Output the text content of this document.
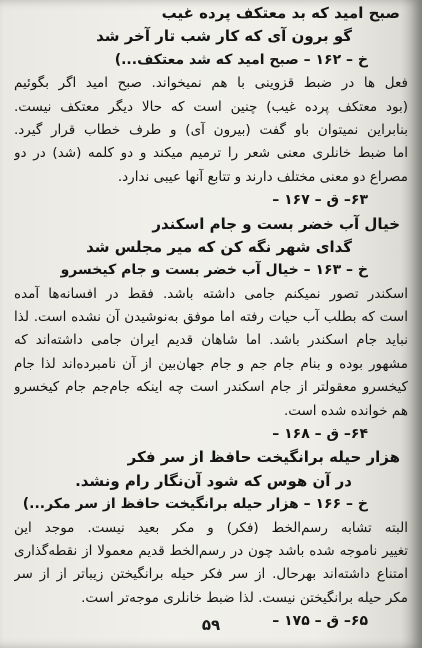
صبح امید که بد معتکف پرده غیب
گو برون آی که کار شب تار آخر شد
خ – ۱۶۲ – صبح امید که شد معتکف...)
فعل ها در ضبط قزوینی با هم نمیخواند. صبح امید اگر بگوئیم
(بود معتکف پرده غیب) چنین است که حالا دیگر معتکف نیست.
بنابراین نمیتوان باو گفت (بیرون آی) و طرف خطاب قرار گیرد.
اما ضبط خانلری معنی شعر را ترمیم میکند و دو کلمه (شد) در دو
مصراع دو معنی مختلف دارند و تتابع آنها عیبی ندارد.
۶۳– ق – ۱۶۷ –
خیال آب خضر بست و جام اسکندر
گدای شهر نگه کن که میر مجلس شد
خ – ۱۶۳ – خیال آب خضر بست و جام کیخسرو
اسکندر تصور نمیکنم جامی داشته باشد. فقط در افسانه‌ها آمده
است که بطلب آب حیات رفته اما موفق به‌نوشیدن آن نشده است. لذا
نباید جام اسکندر باشد. اما شاهان قدیم ایران جامی داشته‌اند که
مشهور بوده و بنام جام جم و جام جهان‌بین از آن نامبرده‌اند لذا جام
کیخسرو معقولتر از جام اسکندر است چه اینکه جام‌جم جام کیخسرو
هم خوانده شده است.
۶۴– ق – ۱۶۸ –
هزار حیله برانگیخت حافظ از سر فکر
در آن هوس که شود آن‌نگار رام ونشد.
خ – ۱۶۶ – هزار حیله برانگیخت حافظ از سر مکر...)
البته تشابه رسم‌الخط (فکر) و مکر بعید نیست. موجد این
تغییر ناموجه شده باشد چون در رسم‌الخط قدیم معمولا از نقطه‌گذاری
امتناع داشته‌اند بهرحال. از سر فکر حیله برانگیختن زیباتر از از سر
مکر حیله برانگیختن نیست. لذا ضبط خانلری موجه‌تر است.
۶۵– ق – ۱۷۵ –
۵۹
